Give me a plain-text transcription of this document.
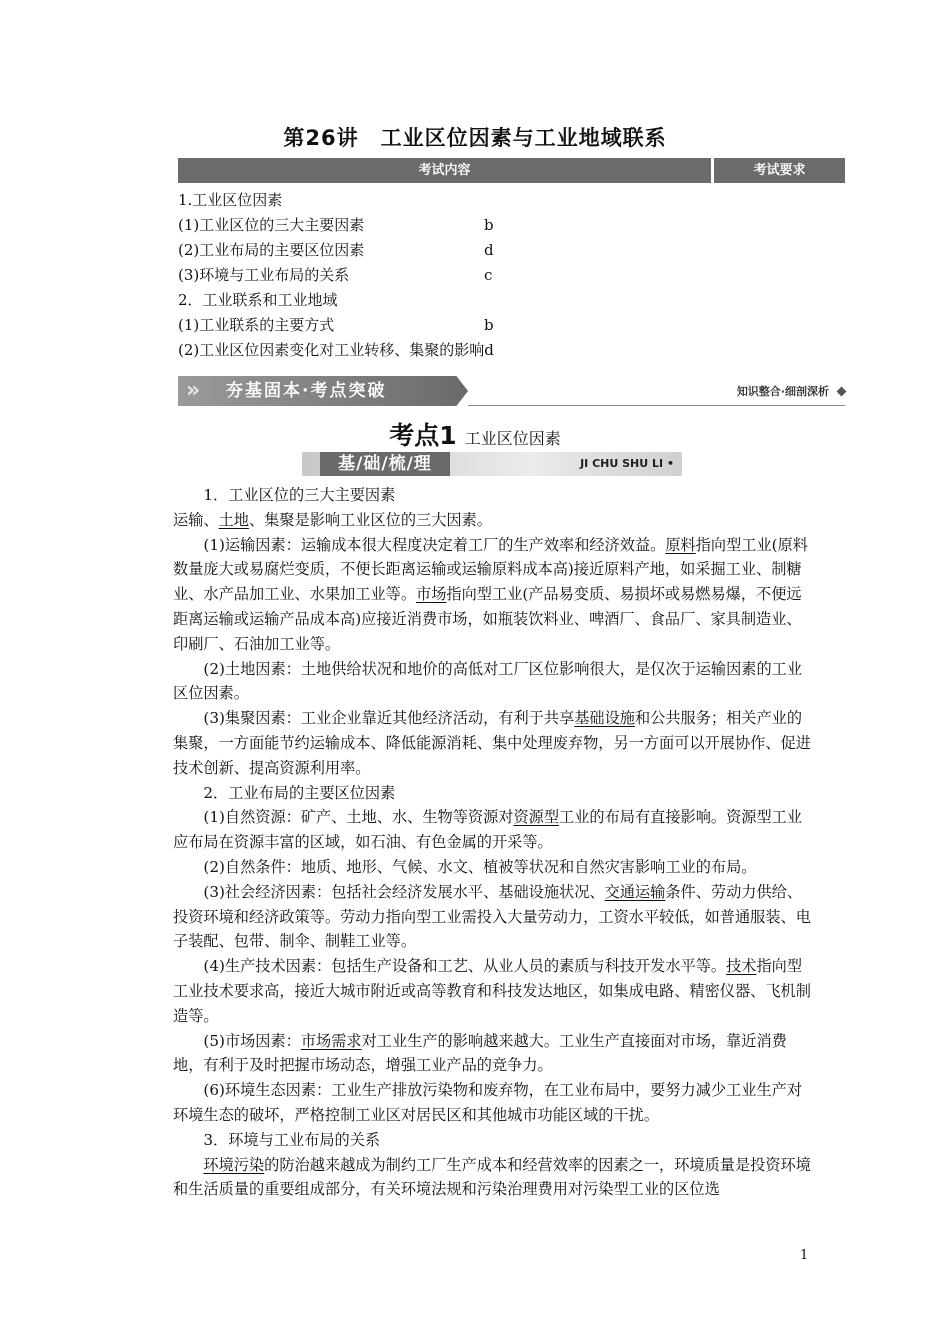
第26讲　工业区位因素与工业地域联系
考试内容	考试要求
1.工业区位因素
(1)工业区位的三大主要因素	b
(2)工业布局的主要区位因素	d
(3)环境与工业布局的关系	c
2．工业联系和工业地域
(1)工业联系的主要方式	b
(2)工业区位因素变化对工业转移、集聚的影响d
» 夯基固本·考点突破	知识整合·细剖深析
考点1 工业区位因素
基/础/梳/理	JI CHU SHU LI •

1．工业区位的三大主要因素

运输、土地、集聚是影响工业区位的三大因素。

(1)运输因素：运输成本很大程度决定着工厂的生产效率和经济效益。原料指向型工业(原料数量庞大或易腐烂变质，不便长距离运输或运输原料成本高)接近原料产地，如采掘工业、制糖业、水产品加工业、水果加工业等。市场指向型工业(产品易变质、易损坏或易燃易爆，不便远距离运输或运输产品成本高)应接近消费市场，如瓶装饮料业、啤酒厂、食品厂、家具制造业、印刷厂、石油加工业等。

(2)土地因素：土地供给状况和地价的高低对工厂区位影响很大，是仅次于运输因素的工业区位因素。

(3)集聚因素：工业企业靠近其他经济活动，有利于共享基础设施和公共服务；相关产业的集聚，一方面能节约运输成本、降低能源消耗、集中处理废弃物，另一方面可以开展协作、促进技术创新、提高资源利用率。

2．工业布局的主要区位因素

(1)自然资源：矿产、土地、水、生物等资源对资源型工业的布局有直接影响。资源型工业应布局在资源丰富的区域，如石油、有色金属的开采等。

(2)自然条件：地质、地形、气候、水文、植被等状况和自然灾害影响工业的布局。

(3)社会经济因素：包括社会经济发展水平、基础设施状况、交通运输条件、劳动力供给、投资环境和经济政策等。劳动力指向型工业需投入大量劳动力，工资水平较低，如普通服装、电子装配、包带、制伞、制鞋工业等。

(4)生产技术因素：包括生产设备和工艺、从业人员的素质与科技开发水平等。技术指向型工业技术要求高，接近大城市附近或高等教育和科技发达地区，如集成电路、精密仪器、飞机制造等。

(5)市场因素：市场需求对工业生产的影响越来越大。工业生产直接面对市场，靠近消费地，有利于及时把握市场动态，增强工业产品的竞争力。

(6)环境生态因素：工业生产排放污染物和废弃物，在工业布局中，要努力减少工业生产对环境生态的破坏，严格控制工业区对居民区和其他城市功能区域的干扰。

3．环境与工业布局的关系

环境污染的防治越来越成为制约工厂生产成本和经营效率的因素之一，环境质量是投资环境和生活质量的重要组成部分，有关环境法规和污染治理费用对污染型工业的区位选

1
